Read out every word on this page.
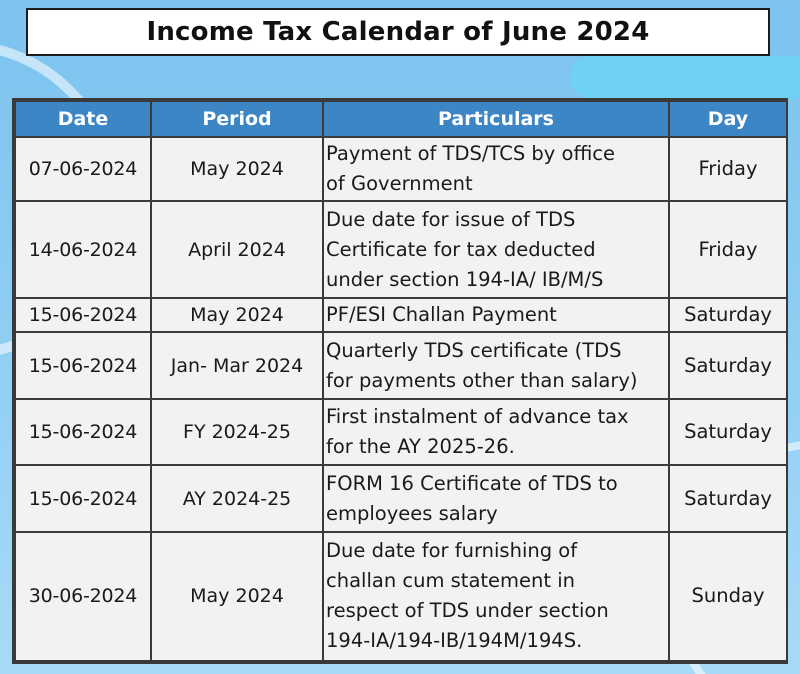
Income Tax Calendar of June 2024
Date	Period	Particulars	Day
07-06-2024	May 2024	Payment of TDS/TCS by office
of Government	Friday
14-06-2024	April 2024	Due date for issue of TDS
Certificate for tax deducted
under section 194-IA/ IB/M/S	Friday
15-06-2024	May 2024	PF/ESI Challan Payment	Saturday
15-06-2024	Jan- Mar 2024	Quarterly TDS certificate (TDS
for payments other than salary)	Saturday
15-06-2024	FY 2024-25	First instalment of advance tax
for the AY 2025-26.	Saturday
15-06-2024	AY 2024-25	FORM 16 Certificate of TDS to
employees salary	Saturday
30-06-2024	May 2024	Due date for furnishing of
challan cum statement in
respect of TDS under section
194-IA/194-IB/194M/194S.	Sunday
